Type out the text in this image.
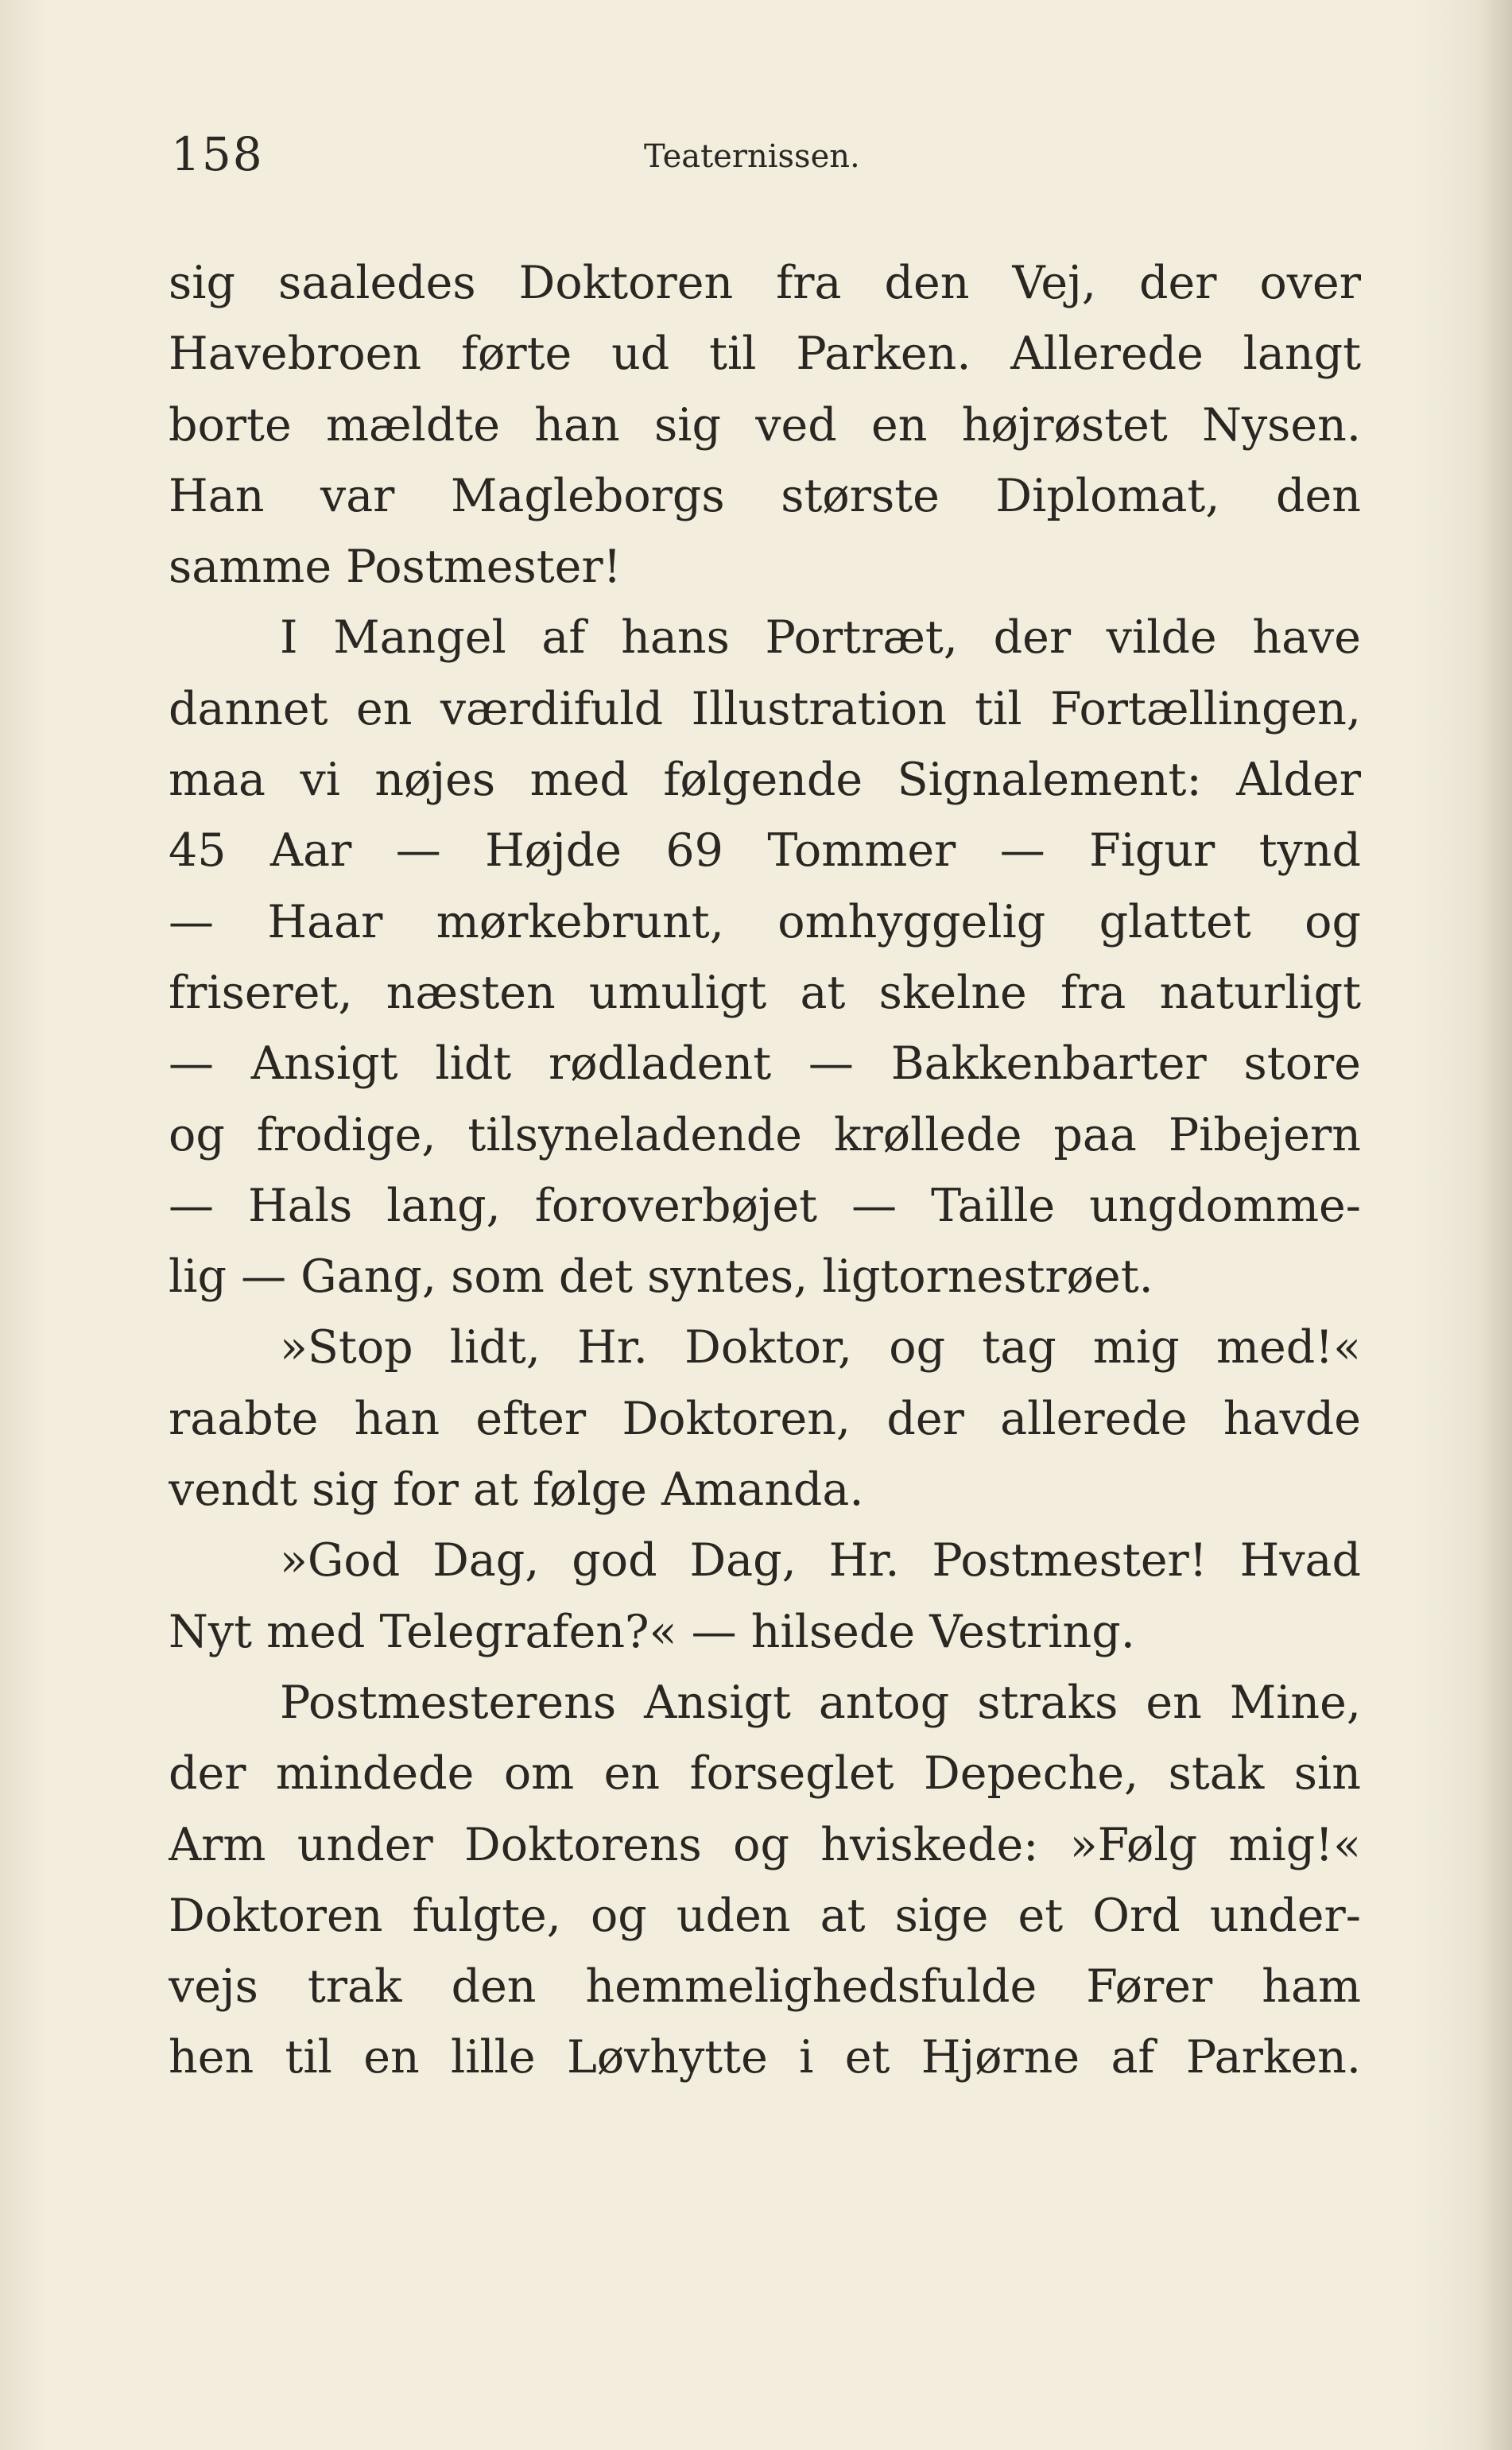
158	Teaternissen.
sig saaledes Doktoren fra den Vej, der over
Havebroen førte ud til Parken. Allerede langt
borte mældte han sig ved en højrøstet Nysen.
Han var Magleborgs største Diplomat, den
samme Postmester!
I Mangel af hans Portræt, der vilde have
dannet en værdifuld Illustration til Fortællingen,
maa vi nøjes med følgende Signalement: Alder
45 Aar — Højde 69 Tommer — Figur tynd
— Haar mørkebrunt, omhyggelig glattet og
friseret, næsten umuligt at skelne fra naturligt
— Ansigt lidt rødladent — Bakkenbarter store
og frodige, tilsyneladende krøllede paa Pibejern
— Hals lang, foroverbøjet — Taille ungdomme-
lig — Gang, som det syntes, ligtornestrøet.
»Stop lidt, Hr. Doktor, og tag mig med!«
raabte han efter Doktoren, der allerede havde
vendt sig for at følge Amanda.
»God Dag, god Dag, Hr. Postmester! Hvad
Nyt med Telegrafen?« — hilsede Vestring.
Postmesterens Ansigt antog straks en Mine,
der mindede om en forseglet Depeche, stak sin
Arm under Doktorens og hviskede: »Følg mig!«
Doktoren fulgte, og uden at sige et Ord under-
vejs trak den hemmelighedsfulde Fører ham
hen til en lille Løvhytte i et Hjørne af Parken.
